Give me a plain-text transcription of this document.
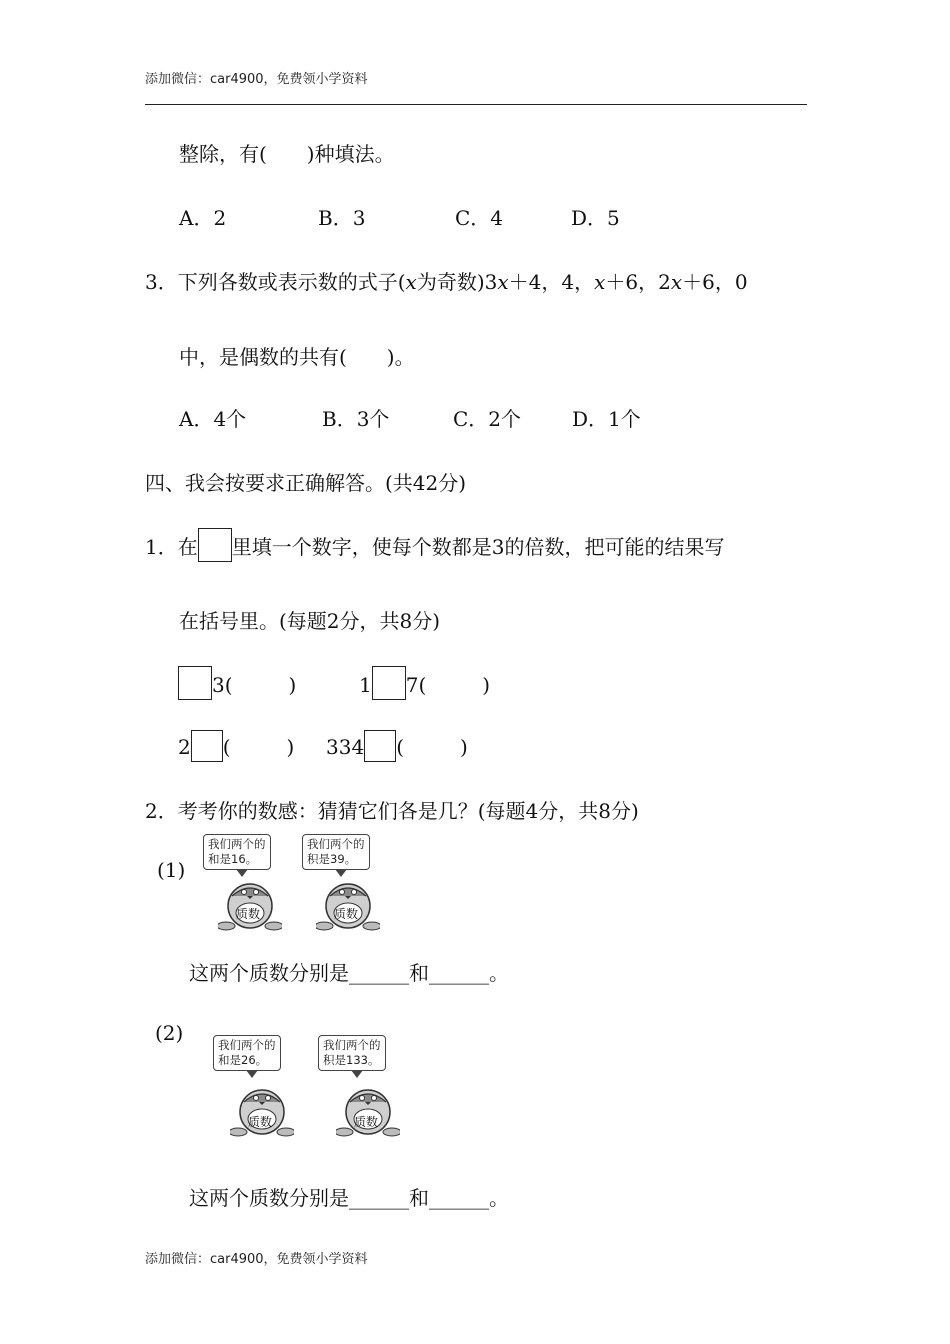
添加微信：car4900，免费领小学资料
整除，有(　　)种填法。
A．2	B．3	C．4	D．5
3．下列各数或表示数的式子(x为奇数)3x＋4，4，x＋6，2x＋6，0
中，是偶数的共有(　　)。
A．4个	B．3个	C．2个	D．1个
四、我会按要求正确解答。(共42分)
1．在 里填一个数字，使每个数都是3的倍数，把可能的结果写
在括号里。(每题2分，共8分)
3(	)	1 7(	)
2 (	) 334 (	)
2．考考你的数感：猜猜它们各是几？(每题4分，共8分)
(1)
我们两个的
和是16。
我们两个的
积是39。
质数	质数
这两个质数分别是______和______。
(2)	我们两个的
和是26。
我们两个的
积是133。
质数	质数
这两个质数分别是______和______。
添加微信：car4900，免费领小学资料
